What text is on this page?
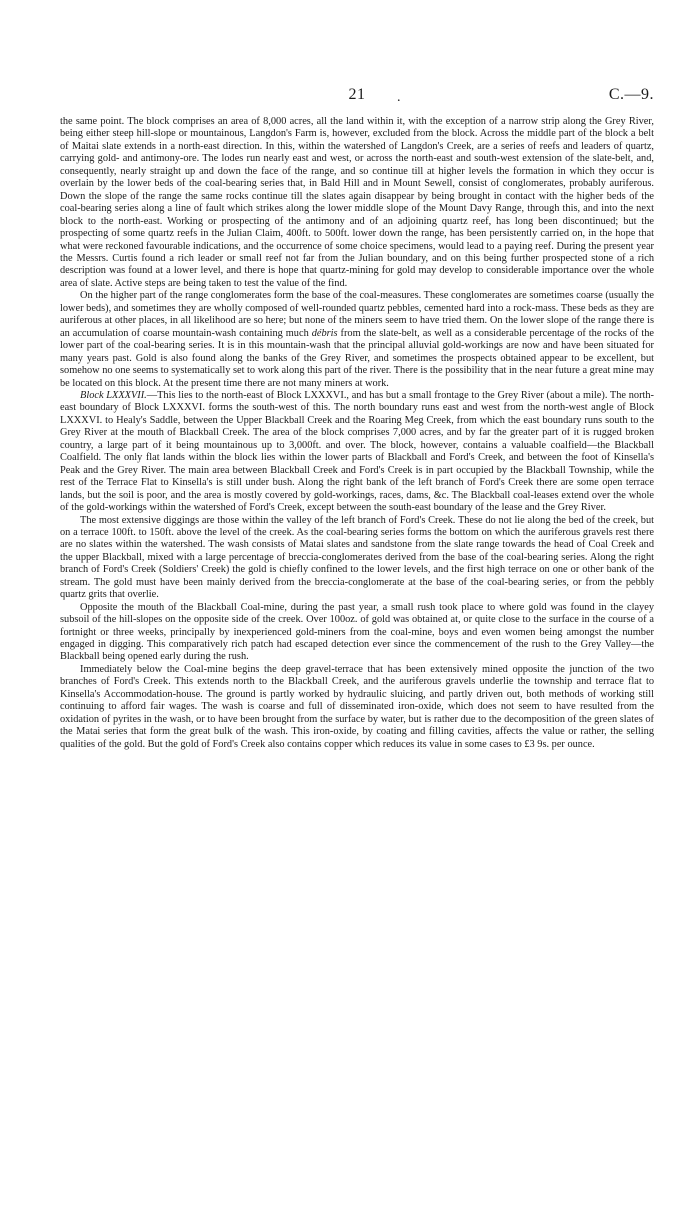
21	.	C.—9.

the same point. The block comprises an area of 8,000 acres, all the land within it, with the exception of a narrow strip along the Grey River, being either steep hill-slope or mountainous, Langdon's Farm is, however, excluded from the block. Across the middle part of the block a belt of Maitai slate extends in a north-east direction. In this, within the watershed of Langdon's Creek, are a series of reefs and leaders of quartz, carrying gold- and antimony-ore. The lodes run nearly east and west, or across the north-east and south-west extension of the slate-belt, and, consequently, nearly straight up and down the face of the range, and so continue till at higher levels the formation in which they occur is overlain by the lower beds of the coal-bearing series that, in Bald Hill and in Mount Sewell, consist of conglomerates, probably auriferous. Down the slope of the range the same rocks continue till the slates again disappear by being brought in contact with the higher beds of the coal-bearing series along a line of fault which strikes along the lower middle slope of the Mount Davy Range, through this, and into the next block to the north-east. Working or prospecting of the antimony and of an adjoining quartz reef, has long been discontinued; but the prospecting of some quartz reefs in the Julian Claim, 400ft. to 500ft. lower down the range, has been persistently carried on, in the hope that what were reckoned favourable indications, and the occurrence of some choice specimens, would lead to a paying reef. During the present year the Messrs. Curtis found a rich leader or small reef not far from the Julian boundary, and on this being further prospected stone of a rich description was found at a lower level, and there is hope that quartz-mining for gold may develop to considerable importance over the whole area of slate. Active steps are being taken to test the value of the find.

On the higher part of the range conglomerates form the base of the coal-measures. These conglomerates are sometimes coarse (usually the lower beds), and sometimes they are wholly composed of well-rounded quartz pebbles, cemented hard into a rock-mass. These beds as they are auriferous at other places, in all likelihood are so here; but none of the miners seem to have tried them. On the lower slope of the range there is an accumulation of coarse mountain-wash containing much débris from the slate-belt, as well as a considerable percentage of the rocks of the lower part of the coal-bearing series. It is in this mountain-wash that the principal alluvial gold-workings are now and have been situated for many years past. Gold is also found along the banks of the Grey River, and sometimes the prospects obtained appear to be excellent, but somehow no one seems to systematically set to work along this part of the river. There is the possibility that in the near future a great mine may be located on this block. At the present time there are not many miners at work.

Block LXXXVII.—This lies to the north-east of Block LXXXVI., and has but a small frontage to the Grey River (about a mile). The north-east boundary of Block LXXXVI. forms the south-west of this. The north boundary runs east and west from the north-west angle of Block LXXXVI. to Healy's Saddle, between the Upper Blackball Creek and the Roaring Meg Creek, from which the east boundary runs south to the Grey River at the mouth of Blackball Creek. The area of the block comprises 7,000 acres, and by far the greater part of it is rugged broken country, a large part of it being mountainous up to 3,000ft. and over. The block, however, contains a valuable coalfield—the Blackball Coalfield. The only flat lands within the block lies within the lower parts of Blackball and Ford's Creek, and between the foot of Kinsella's Peak and the Grey River. The main area between Blackball Creek and Ford's Creek is in part occupied by the Blackball Township, while the rest of the Terrace Flat to Kinsella's is still under bush. Along the right bank of the left branch of Ford's Creek there are some open terrace lands, but the soil is poor, and the area is mostly covered by gold-workings, races, dams, &c. The Blackball coal-leases extend over the whole of the gold-workings within the watershed of Ford's Creek, except between the south-east boundary of the lease and the Grey River.

The most extensive diggings are those within the valley of the left branch of Ford's Creek. These do not lie along the bed of the creek, but on a terrace 100ft. to 150ft. above the level of the creek. As the coal-bearing series forms the bottom on which the auriferous gravels rest there are no slates within the watershed. The wash consists of Matai slates and sandstone from the slate range towards the head of Coal Creek and the upper Blackball, mixed with a large percentage of breccia-conglomerates derived from the base of the coal-bearing series. Along the right branch of Ford's Creek (Soldiers' Creek) the gold is chiefly confined to the lower levels, and the first high terrace on one or other bank of the stream. The gold must have been mainly derived from the breccia-conglomerate at the base of the coal-bearing series, or from the pebbly quartz grits that overlie.

Opposite the mouth of the Blackball Coal-mine, during the past year, a small rush took place to where gold was found in the clayey subsoil of the hill-slopes on the opposite side of the creek. Over 100oz. of gold was obtained at, or quite close to the surface in the course of a fortnight or three weeks, principally by inexperienced gold-miners from the coal-mine, boys and even women being amongst the number engaged in digging. This comparatively rich patch had escaped detection ever since the commencement of the rush to the Grey Valley—the Blackball being opened early during the rush.

Immediately below the Coal-mine begins the deep gravel-terrace that has been extensively mined opposite the junction of the two branches of Ford's Creek. This extends north to the Blackball Creek, and the auriferous gravels underlie the township and terrace flat to Kinsella's Accommodation-house. The ground is partly worked by hydraulic sluicing, and partly driven out, both methods of working still continuing to afford fair wages. The wash is coarse and full of disseminated iron-oxide, which does not seem to have resulted from the oxidation of pyrites in the wash, or to have been brought from the surface by water, but is rather due to the decomposition of the green slates of the Matai series that form the great bulk of the wash. This iron-oxide, by coating and filling cavities, affects the value or rather, the selling qualities of the gold. But the gold of Ford's Creek also contains copper which reduces its value in some cases to £3 9s. per ounce.
